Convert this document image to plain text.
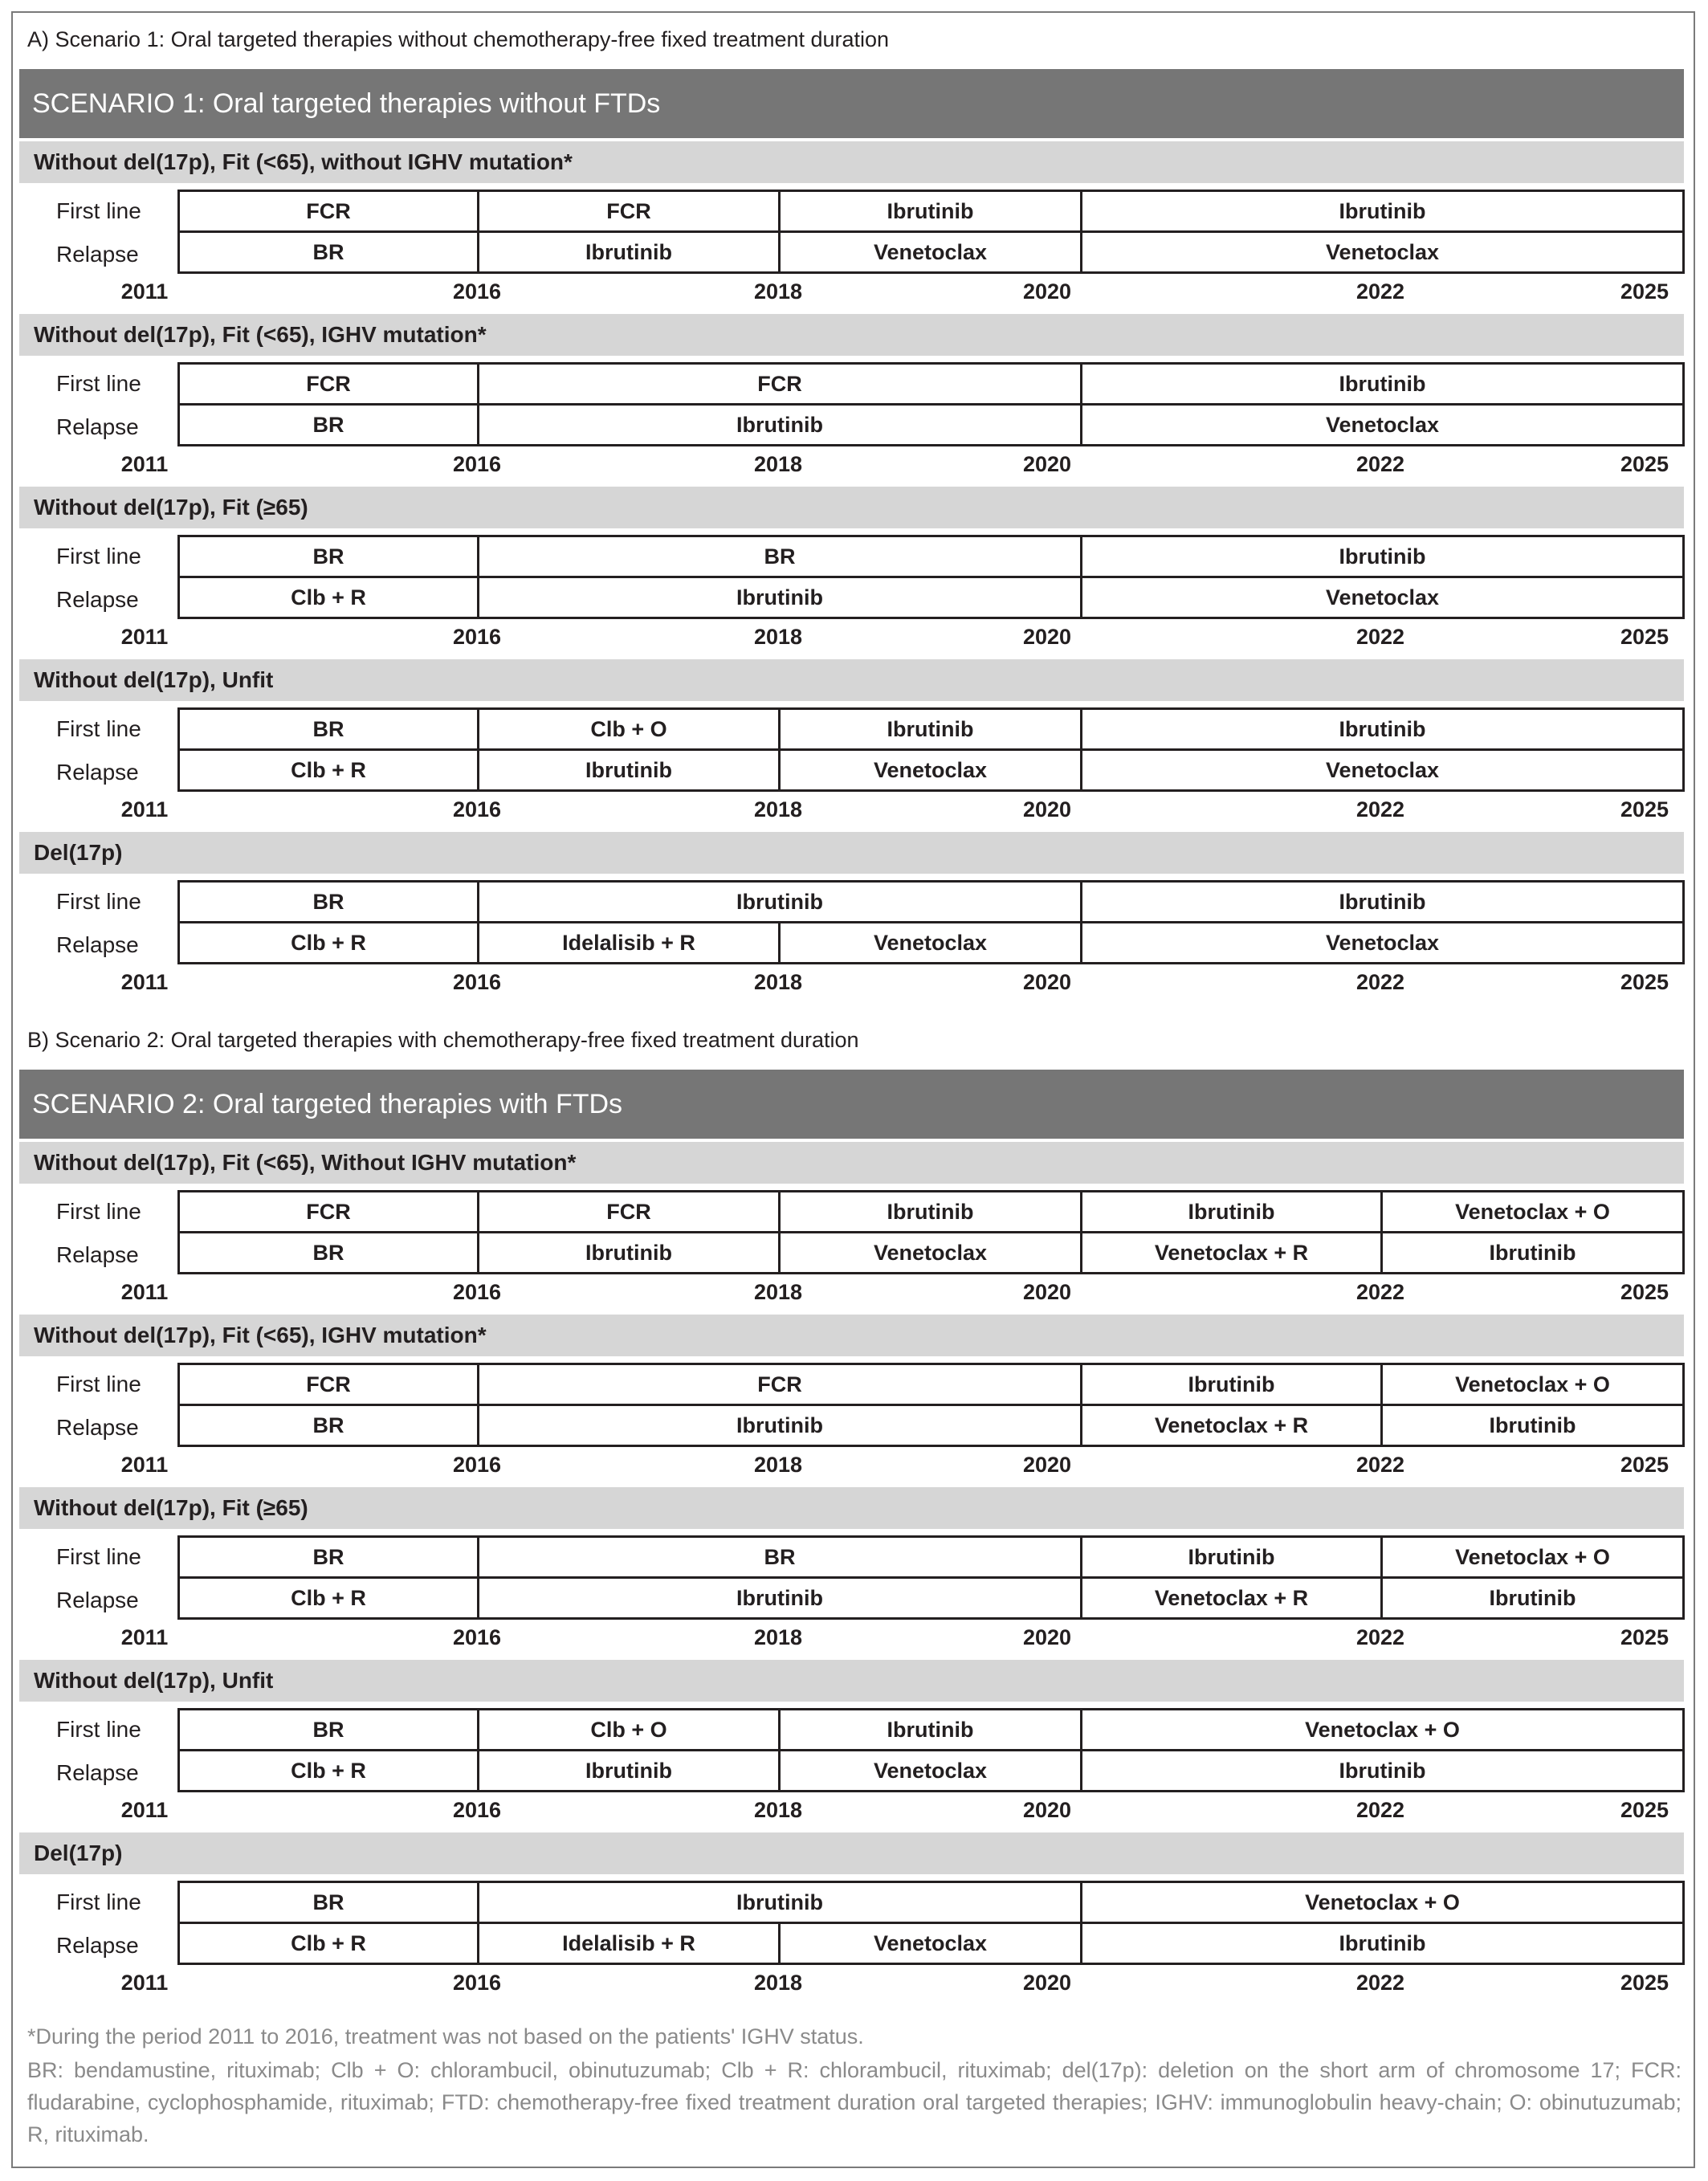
A) Scenario 1: Oral targeted therapies without chemotherapy-free fixed treatment duration
SCENARIO 1: Oral targeted therapies without FTDs
Without del(17p), Fit (<65), without IGHV mutation*
First line	FCR	FCR	Ibrutinib	Ibrutinib
Relapse	BR	Ibrutinib	Venetoclax	Venetoclax
2011	2016	2018	2020	2022	2025
Without del(17p), Fit (<65), IGHV mutation*
First line	FCR	FCR	Ibrutinib
Relapse	BR	Ibrutinib	Venetoclax
2011	2016	2018	2020	2022	2025
Without del(17p), Fit (≥65)
First line	BR	BR	Ibrutinib
Relapse	Clb + R	Ibrutinib	Venetoclax
2011	2016	2018	2020	2022	2025
Without del(17p), Unfit
First line	BR	Clb + O	Ibrutinib	Ibrutinib
Relapse	Clb + R	Ibrutinib	Venetoclax	Venetoclax
2011	2016	2018	2020	2022	2025
Del(17p)
First line	BR	Ibrutinib	Ibrutinib
Relapse	Clb + R	Idelalisib + R	Venetoclax	Venetoclax
2011	2016	2018	2020	2022	2025
B) Scenario 2: Oral targeted therapies with chemotherapy-free fixed treatment duration
SCENARIO 2: Oral targeted therapies with FTDs
Without del(17p), Fit (<65), Without IGHV mutation*
First line	FCR	FCR	Ibrutinib	Ibrutinib	Venetoclax + O
Relapse	BR	Ibrutinib	Venetoclax	Venetoclax + R	Ibrutinib
2011	2016	2018	2020	2022	2025
Without del(17p), Fit (<65), IGHV mutation*
First line	FCR	FCR	Ibrutinib	Venetoclax + O
Relapse	BR	Ibrutinib	Venetoclax + R	Ibrutinib
2011	2016	2018	2020	2022	2025
Without del(17p), Fit (≥65)
First line	BR	BR	Ibrutinib	Venetoclax + O
Relapse	Clb + R	Ibrutinib	Venetoclax + R	Ibrutinib
2011	2016	2018	2020	2022	2025
Without del(17p), Unfit
First line	BR	Clb + O	Ibrutinib	Venetoclax + O
Relapse	Clb + R	Ibrutinib	Venetoclax	Ibrutinib
2011	2016	2018	2020	2022	2025
Del(17p)
First line	BR	Ibrutinib	Venetoclax + O
Relapse	Clb + R	Idelalisib + R	Venetoclax	Ibrutinib
2011	2016	2018	2020	2022	2025
*During the period 2011 to 2016, treatment was not based on the patients' IGHV status.
BR: bendamustine, rituximab; Clb + O: chlorambucil, obinutuzumab; Clb + R: chlorambucil, rituximab; del(17p): deletion on the short arm of chromosome 17; FCR: fludarabine, cyclophosphamide, rituximab; FTD: chemotherapy-free fixed treatment duration oral targeted therapies; IGHV: immunoglobulin heavy-chain; O: obinutuzumab; R, rituximab.
